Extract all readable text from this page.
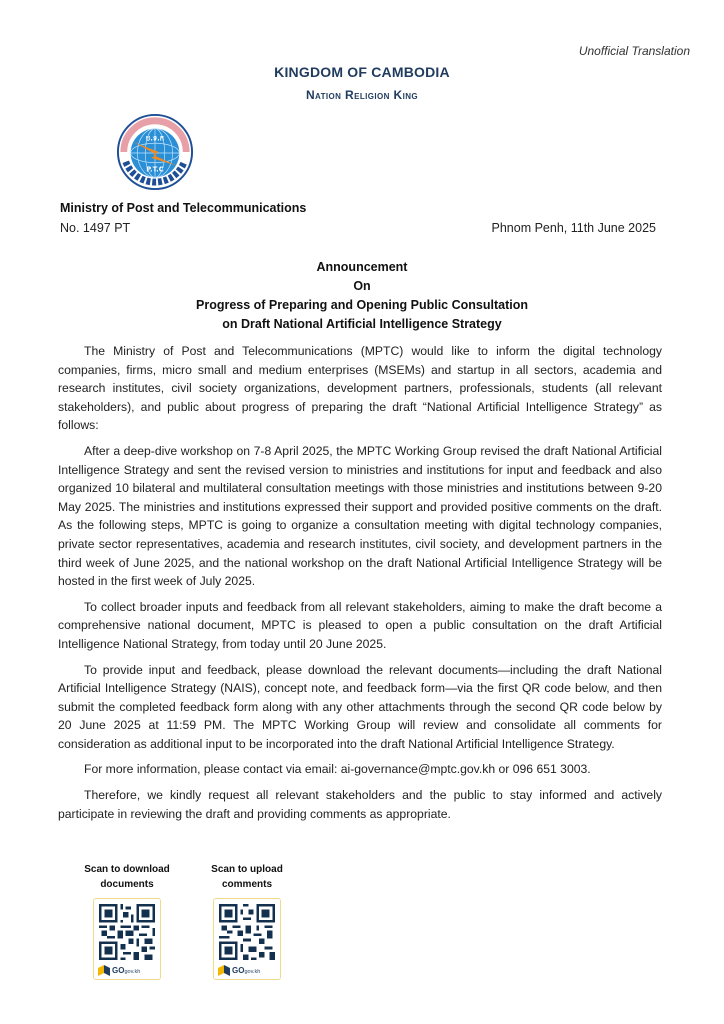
Unofficial Translation
KINGDOM OF CAMBODIA
Nation Religion King
ប.ទ.ក
P.T.C
Ministry of Post and Telecommunications
No. 1497 PT	Phnom Penh, 11th June 2025
Announcement
On
Progress of Preparing and Opening Public Consultation
on Draft National Artificial Intelligence Strategy

The Ministry of Post and Telecommunications (MPTC) would like to inform the digital technology companies, firms, micro small and medium enterprises (MSEMs) and startup in all sectors, academia and research institutes, civil society organizations, development partners, professionals, students (all relevant stakeholders), and public about progress of preparing the draft “National Artificial Intelligence Strategy” as follows:

After a deep-dive workshop on 7-8 April 2025, the MPTC Working Group revised the draft National Artificial Intelligence Strategy and sent the revised version to ministries and institutions for input and feedback and also organized 10 bilateral and multilateral consultation meetings with those ministries and institutions between 9-20 May 2025. The ministries and institutions expressed their support and provided positive comments on the draft. As the following steps, MPTC is going to organize a consultation meeting with digital technology companies, private sector representatives, academia and research institutes, civil society, and development partners in the third week of June 2025, and the national workshop on the draft National Artificial Intelligence Strategy will be hosted in the first week of July 2025.

To collect broader inputs and feedback from all relevant stakeholders, aiming to make the draft become a comprehensive national document, MPTC is pleased to open a public consultation on the draft Artificial Intelligence National Strategy, from today until 20 June 2025.

To provide input and feedback, please download the relevant documents—including the draft National Artificial Intelligence Strategy (NAIS), concept note, and feedback form—via the first QR code below, and then submit the completed feedback form along with any other attachments through the second QR code below by 20 June 2025 at 11:59 PM. The MPTC Working Group will review and consolidate all comments for consideration as additional input to be incorporated into the draft National Artificial Intelligence Strategy.

For more information, please contact via email: ai-governance@mptc.gov.kh or 096 651 3003.

Therefore, we kindly request all relevant stakeholders and the public to stay informed and actively participate in reviewing the draft and providing comments as appropriate.

Scan to download
documents
GOgov.kh
Scan to upload
comments
GOgov.kh
